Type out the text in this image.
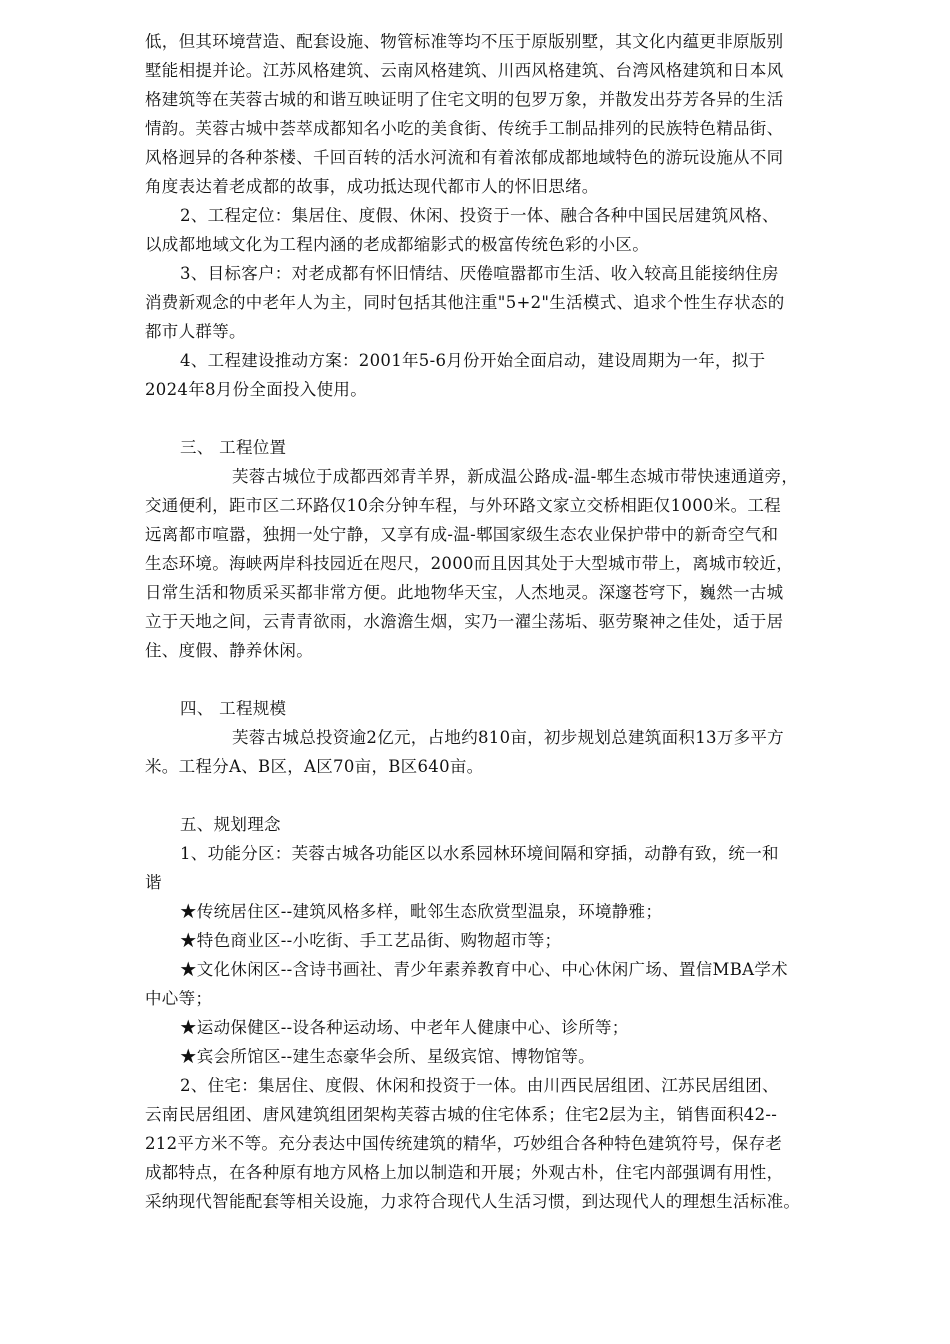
低，但其环境营造、配套设施、物管标准等均不压于原版别墅，其文化内蕴更非原版别
墅能相提并论。江苏风格建筑、云南风格建筑、川西风格建筑、台湾风格建筑和日本风
格建筑等在芙蓉古城的和谐互映证明了住宅文明的包罗万象，并散发出芬芳各异的生活
情韵。芙蓉古城中荟萃成都知名小吃的美食街、传统手工制品排列的民族特色精品街、
风格迥异的各种茶楼、千回百转的活水河流和有着浓郁成都地域特色的游玩设施从不同
角度表达着老成都的故事，成功抵达现代都市人的怀旧思绪。
2、工程定位：集居住、度假、休闲、投资于一体、融合各种中国民居建筑风格、
以成都地域文化为工程内涵的老成都缩影式的极富传统色彩的小区。
3、目标客户：对老成都有怀旧情结、厌倦喧嚣都市生活、收入较高且能接纳住房
消费新观念的中老年人为主，同时包括其他注重"5+2"生活模式、追求个性生存状态的
都市人群等。
4、工程建设推动方案：2001年5-6月份开始全面启动，建设周期为一年，拟于
2024年8月份全面投入使用。
三、 工程位置
芙蓉古城位于成都西郊青羊界，新成温公路成-温-郫生态城市带快速通道旁，
交通便利，距市区二环路仅10余分钟车程，与外环路文家立交桥相距仅1000米。工程
远离都市喧嚣，独拥一处宁静，又享有成-温-郫国家级生态农业保护带中的新奇空气和
生态环境。海峡两岸科技园近在咫尺，2000而且因其处于大型城市带上，离城市较近，
日常生活和物质采买都非常方便。此地物华天宝，人杰地灵。深邃苍穹下，巍然一古城
立于天地之间，云青青欲雨，水澹澹生烟，实乃一濯尘荡垢、驱劳聚神之佳处，适于居
住、度假、静养休闲。
四、 工程规模
芙蓉古城总投资逾2亿元，占地约810亩，初步规划总建筑面积13万多平方
米。工程分A、B区，A区70亩，B区640亩。
五、规划理念
1、功能分区：芙蓉古城各功能区以水系园林环境间隔和穿插，动静有致，统一和
谐
★传统居住区--建筑风格多样，毗邻生态欣赏型温泉，环境静雅；
★特色商业区--小吃街、手工艺品街、购物超市等；
★文化休闲区--含诗书画社、青少年素养教育中心、中心休闲广场、置信MBA学术
中心等；
★运动保健区--设各种运动场、中老年人健康中心、诊所等；
★宾会所馆区--建生态豪华会所、星级宾馆、博物馆等。
2、住宅：集居住、度假、休闲和投资于一体。由川西民居组团、江苏民居组团、
云南民居组团、唐风建筑组团架构芙蓉古城的住宅体系；住宅2层为主，销售面积42--
212平方米不等。充分表达中国传统建筑的精华，巧妙组合各种特色建筑符号，保存老
成都特点，在各种原有地方风格上加以制造和开展；外观古朴，住宅内部强调有用性，
采纳现代智能配套等相关设施，力求符合现代人生活习惯，到达现代人的理想生活标准。
